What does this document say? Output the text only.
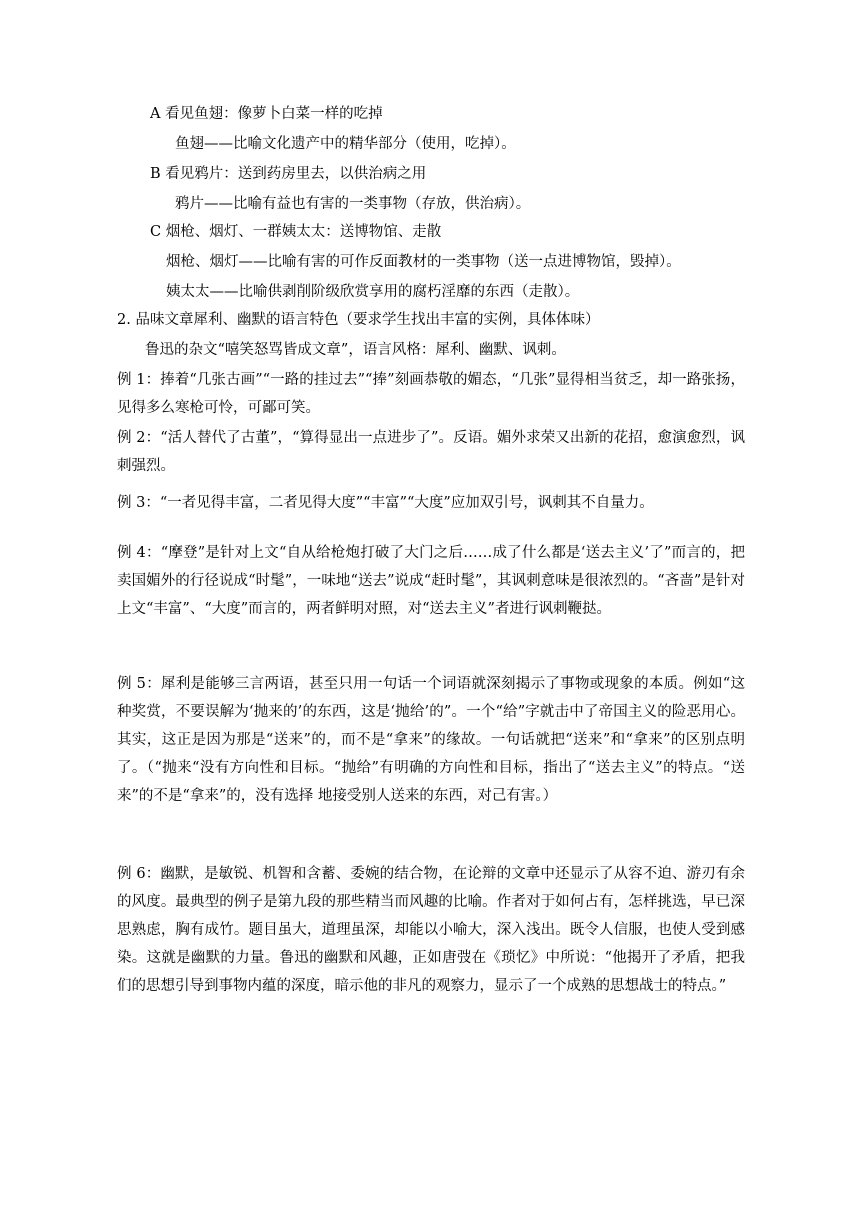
A 看见鱼翅：像萝卜白菜一样的吃掉
鱼翅——比喻文化遗产中的精华部分（使用，吃掉）。
B 看见鸦片：送到药房里去，以供治病之用
鸦片——比喻有益也有害的一类事物（存放，供治病）。
C 烟枪、烟灯、一群姨太太：送博物馆、走散
烟枪、烟灯——比喻有害的可作反面教材的一类事物（送一点进博物馆，毁掉）。
姨太太——比喻供剥削阶级欣赏享用的腐朽淫靡的东西（走散）。
2. 品味文章犀利、幽默的语言特色（要求学生找出丰富的实例，具体体味）
鲁迅的杂文“嘻笑怒骂皆成文章”，语言风格：犀利、幽默、讽刺。
例 1：捧着“几张古画”“一路的挂过去”“捧”刻画恭敬的媚态，“几张”显得相当贫乏，却一路张扬，见得多么寒枪可怜，可鄙可笑。
例 2：“活人替代了古董”，“算得显出一点进步了”。反语。媚外求荣又出新的花招，愈演愈烈，讽刺强烈。
例 3：“一者见得丰富，二者见得大度”“丰富”“大度”应加双引号，讽刺其不自量力。
例 4：“摩登”是针对上文“自从给枪炮打破了大门之后……成了什么都是‘送去主义’了”而言的，把卖国媚外的行径说成“时髦”，一味地“送去”说成“赶时髦”，其讽刺意味是很浓烈的。“吝啬”是针对上文“丰富”、“大度”而言的，两者鲜明对照，对“送去主义”者进行讽刺鞭挞。
例 5：犀利是能够三言两语，甚至只用一句话一个词语就深刻揭示了事物或现象的本质。例如“这种奖赏，不要误解为‘抛来的’的东西，这是‘抛给’的”。一个“给”字就击中了帝国主义的险恶用心。其实，这正是因为那是“送来”的，而不是“拿来”的缘故。一句话就把“送来”和“拿来”的区别点明了。（“抛来“没有方向性和目标。“抛给”有明确的方向性和目标，指出了“送去主义”的特点。“送来”的不是“拿来”的，没有选择 地接受别人送来的东西，对己有害。）
例 6：幽默，是敏锐、机智和含蓄、委婉的结合物，在论辩的文章中还显示了从容不迫、游刃有余的风度。最典型的例子是第九段的那些精当而风趣的比喻。作者对于如何占有，怎样挑选，早已深思熟虑，胸有成竹。题目虽大，道理虽深，却能以小喻大，深入浅出。既令人信服，也使人受到感染。这就是幽默的力量。鲁迅的幽默和风趣，正如唐弢在《琐忆》中所说：“他揭开了矛盾，把我们的思想引导到事物内蕴的深度，暗示他的非凡的观察力，显示了一个成熟的思想战士的特点。”
